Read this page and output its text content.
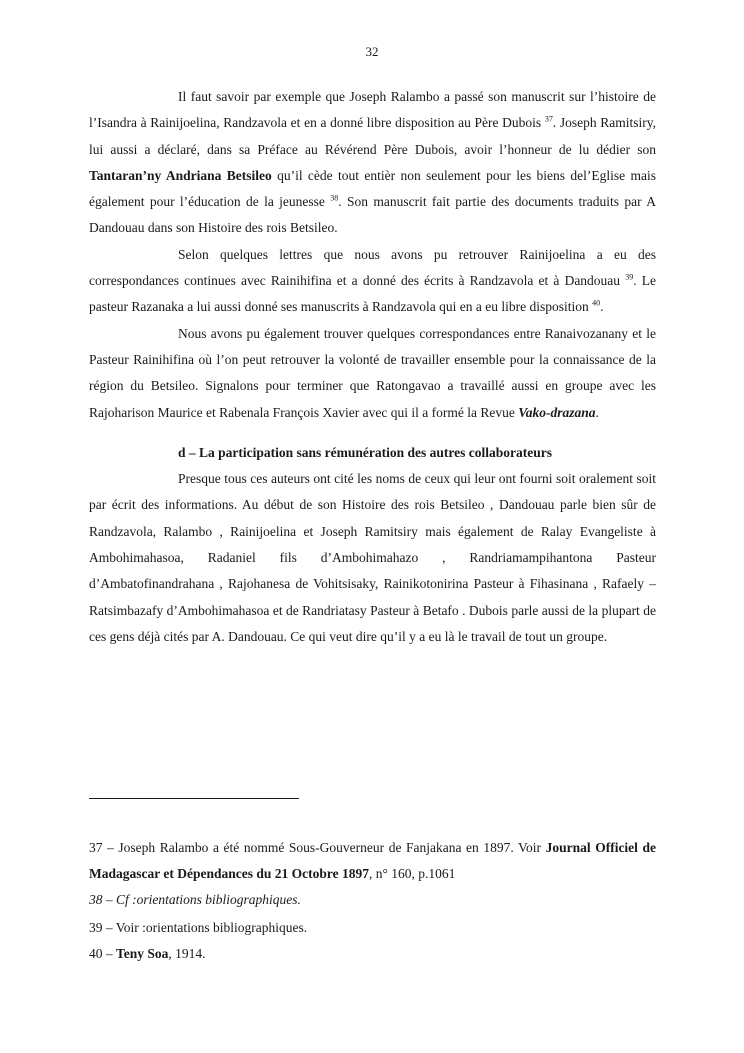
32

Il faut savoir par exemple que Joseph Ralambo a passé son manuscrit sur l’histoire de l’Isandra à Rainijoelina, Randzavola et en a donné libre disposition au Père Dubois $^{37}$. Joseph Ramitsiry, lui aussi a déclaré, dans sa Préface au Révérend Père Dubois, avoir l’honneur de lu dédier son Tantaran’ny Andriana Betsileo qu’il cède tout entièr non seulement pour les biens del’Eglise mais également pour l’éducation de la jeunesse $^{38}$. Son manuscrit fait partie des documents traduits par A Dandouau dans son Histoire des rois Betsileo.

Selon quelques lettres que nous avons pu retrouver Rainijoelina a eu des correspondances continues avec Rainihifina et a donné des écrits à Randzavola et à Dandouau $^{39}$. Le pasteur Razanaka a lui aussi donné ses manuscrits à Randzavola qui en a eu libre disposition $^{40}$.

Nous avons pu également trouver quelques correspondances entre Ranaivozanany et le Pasteur Rainihifina où l’on peut retrouver la volonté de travailler ensemble pour la connaissance de la région du Betsileo. Signalons pour terminer que Ratongavao a travaillé aussi en groupe avec les Rajoharison Maurice et Rabenala François Xavier avec qui il a formé la Revue Vako-drazana.

d – La participation sans rémunération des autres collaborateurs

Presque tous ces auteurs ont cité les noms de ceux qui leur ont fourni soit oralement soit par écrit des informations. Au début de son Histoire des rois Betsileo , Dandouau parle bien sûr de Randzavola, Ralambo , Rainijoelina et Joseph Ramitsiry mais également de Ralay Evangeliste à Ambohimahasoa, Radaniel fils d’Ambohimahazo , Randriamampihantona Pasteur d’Ambatofinandrahana , Rajohanesa de Vohitsisaky, Rainikotonirina Pasteur à Fihasinana , Rafaely – Ratsimbazafy d’Ambohimahasoa et de Randriatasy Pasteur à Betafo . Dubois parle aussi de la plupart de ces gens déjà cités par A. Dandouau. Ce qui veut dire qu’il y a eu là le travail de tout un groupe.

37 – Joseph Ralambo a été nommé Sous-Gouverneur de Fanjakana en 1897. Voir Journal Officiel de Madagascar et Dépendances du 21 Octobre 1897, n° 160, p.1061

38 – Cf :orientations bibliographiques.

39 – Voir :orientations bibliographiques.

40 – Teny Soa, 1914.
